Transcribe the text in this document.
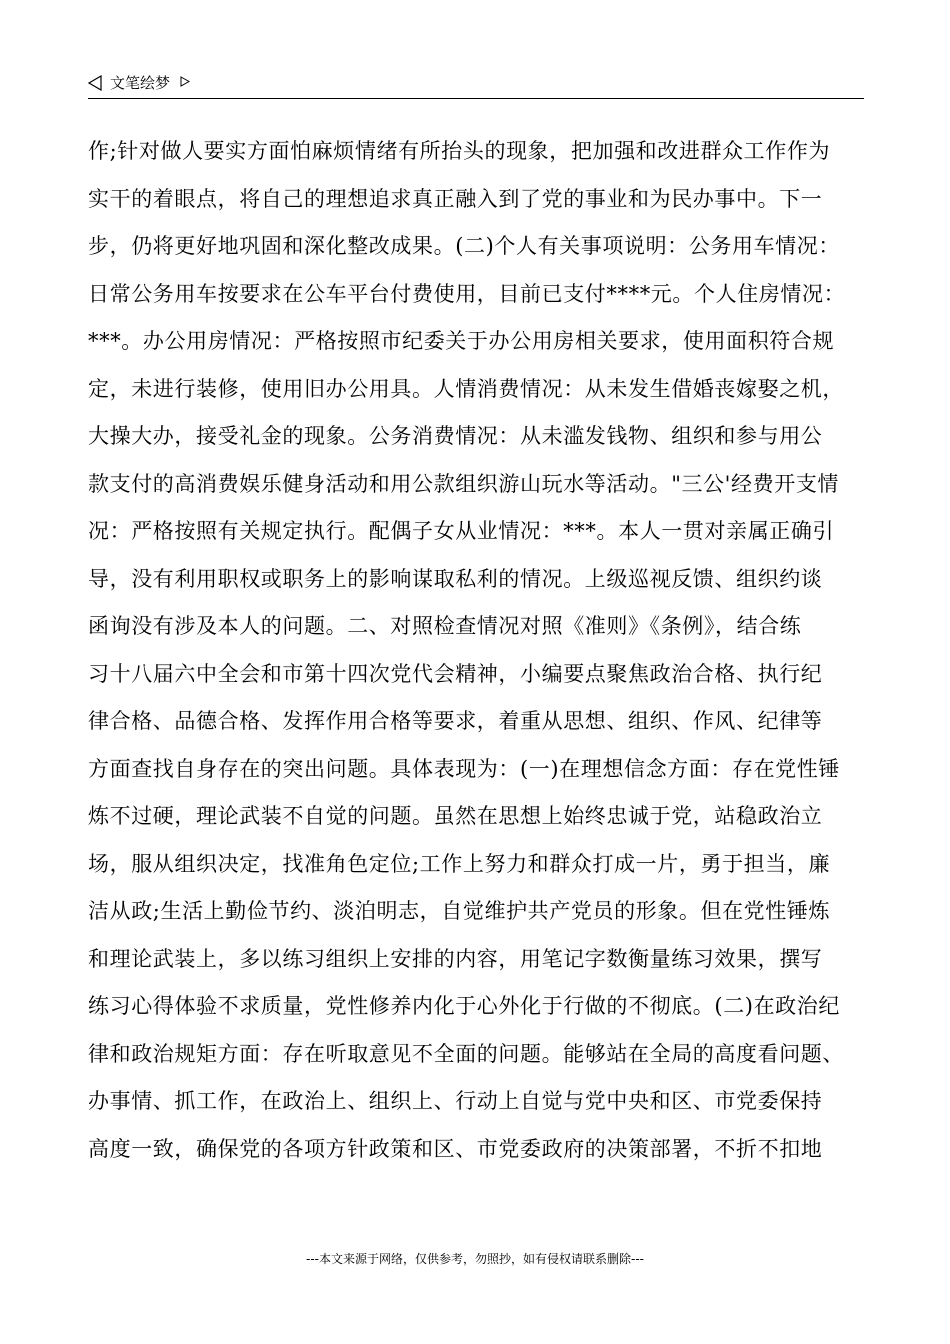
文笔绘梦
作;针对做人要实方面怕麻烦情绪有所抬头的现象，把加强和改进群众工作作为
实干的着眼点，将自己的理想追求真正融入到了党的事业和为民办事中。下一
步，仍将更好地巩固和深化整改成果。(二)个人有关事项说明：公务用车情况：
日常公务用车按要求在公车平台付费使用，目前已支付****元。个人住房情况：
***。办公用房情况：严格按照市纪委关于办公用房相关要求，使用面积符合规
定，未进行装修，使用旧办公用具。人情消费情况：从未发生借婚丧嫁娶之机，
大操大办，接受礼金的现象。公务消费情况：从未滥发钱物、组织和参与用公
款支付的高消费娱乐健身活动和用公款组织游山玩水等活动。"三公'经费开支情
况：严格按照有关规定执行。配偶子女从业情况：***。本人一贯对亲属正确引
导，没有利用职权或职务上的影响谋取私利的情况。上级巡视反馈、组织约谈
函询没有涉及本人的问题。二、对照检查情况对照《准则》《条例》，结合练
习十八届六中全会和市第十四次党代会精神，小编要点聚焦政治合格、执行纪
律合格、品德合格、发挥作用合格等要求，着重从思想、组织、作风、纪律等
方面查找自身存在的突出问题。具体表现为：(一)在理想信念方面：存在党性锤
炼不过硬，理论武装不自觉的问题。虽然在思想上始终忠诚于党，站稳政治立
场，服从组织决定，找准角色定位;工作上努力和群众打成一片，勇于担当，廉
洁从政;生活上勤俭节约、淡泊明志，自觉维护共产党员的形象。但在党性锤炼
和理论武装上，多以练习组织上安排的内容，用笔记字数衡量练习效果，撰写
练习心得体验不求质量，党性修养内化于心外化于行做的不彻底。(二)在政治纪
律和政治规矩方面：存在听取意见不全面的问题。能够站在全局的高度看问题、
办事情、抓工作，在政治上、组织上、行动上自觉与党中央和区、市党委保持
高度一致，确保党的各项方针政策和区、市党委政府的决策部署，不折不扣地
---本文来源于网络，仅供参考，勿照抄，如有侵权请联系删除---
